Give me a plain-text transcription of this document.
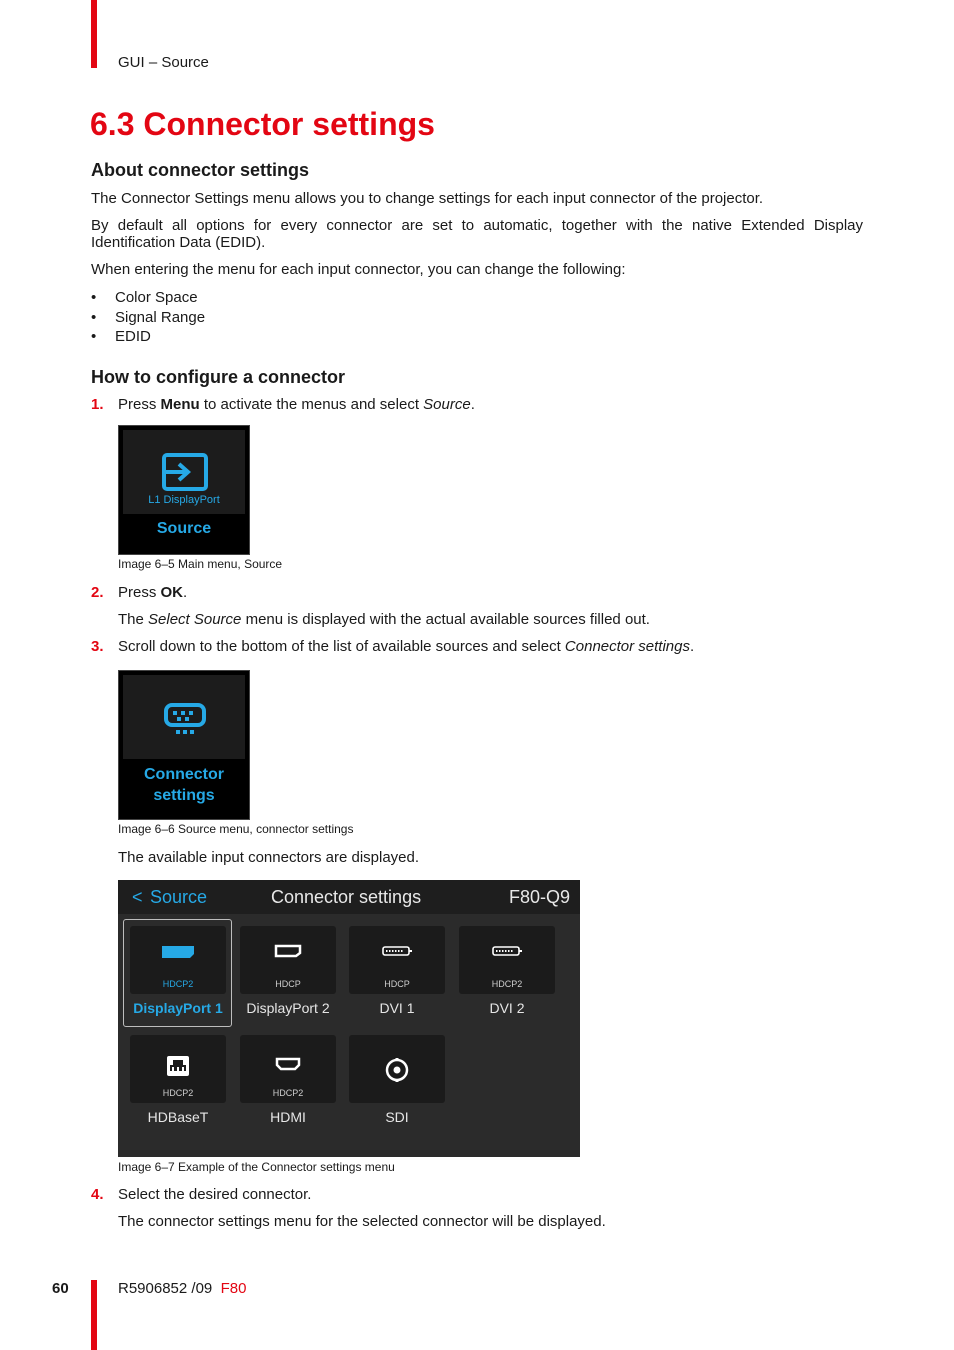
GUI – Source
6.3 Connector settings
About connector settings

The Connector Settings menu allows you to change settings for each input connector of the projector.

By default all options for every connector are set to automatic, together with the native Extended Display Identification Data (EDID).

When entering the menu for each input connector, you can change the following:

• Color Space
• Signal Range
• EDID
How to configure a connector
1. Press Menu to activate the menus and select Source.
L1 DisplayPort
Source
Image 6–5 Main menu, Source
2. Press OK.
The Select Source menu is displayed with the actual available sources filled out.
3. Scroll down to the bottom of the list of available sources and select Connector settings.
Connector
settings
Image 6–6 Source menu, connector settings
The available input connectors are displayed.
< Source	Connector settings	F80-Q9
HDCP2
DisplayPort 1
HDCP
DisplayPort 2
HDCP
DVI 1
HDCP2
DVI 2
HDCP2
HDBaseT
HDCP2
HDMI	SDI
Image 6–7 Example of the Connector settings menu
4. Select the desired connector.
The connector settings menu for the selected connector will be displayed.
60	R5906852 /09 F80
